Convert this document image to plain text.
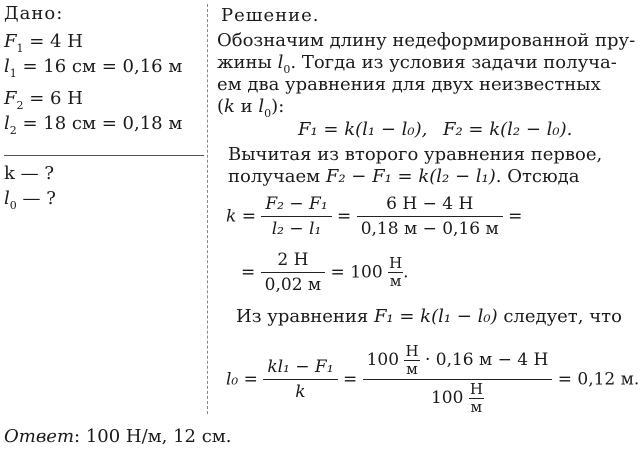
Дано:
$F_1 = 4$ Н
$l_1 = 16$ см = 0,16 м
$F_2 = 6$ Н
$l_2 = 18$ см = 0,18 м
k — ?
$l_0$ — ?
Решение.
Обозначим длину недеформированной пру-
жины $l_0$. Тогда из условия задачи получа-
ем два уравнения для двух неизвестных
(k и $l_0$):
F₁ = k(l₁ − l₀), F₂ = k(l₂ − l₀).
Вычитая из второго уравнения первое,
получаем F₂ − F₁ = k(l₂ − l₁). Отсюда
$k = \frac{\text{F₂ − F₁}}{\text{l₂ − l₁}} = \frac{6 Н - 4 Н}{0,18 м - 0,16 м}$ =
= $\frac{2 Н}{0,02 м} = 100$ Н
м .
Из уравнения F₁ = k(l₁ − l₀) следует, что
$l_0 = \frac{\text{kl₁ − F₁}}{k} = 100$ Н
м · 0,16 м − 4 Н
100 Н
м = 0,12 м.
Ответ: 100 Н/м, 12 см.
